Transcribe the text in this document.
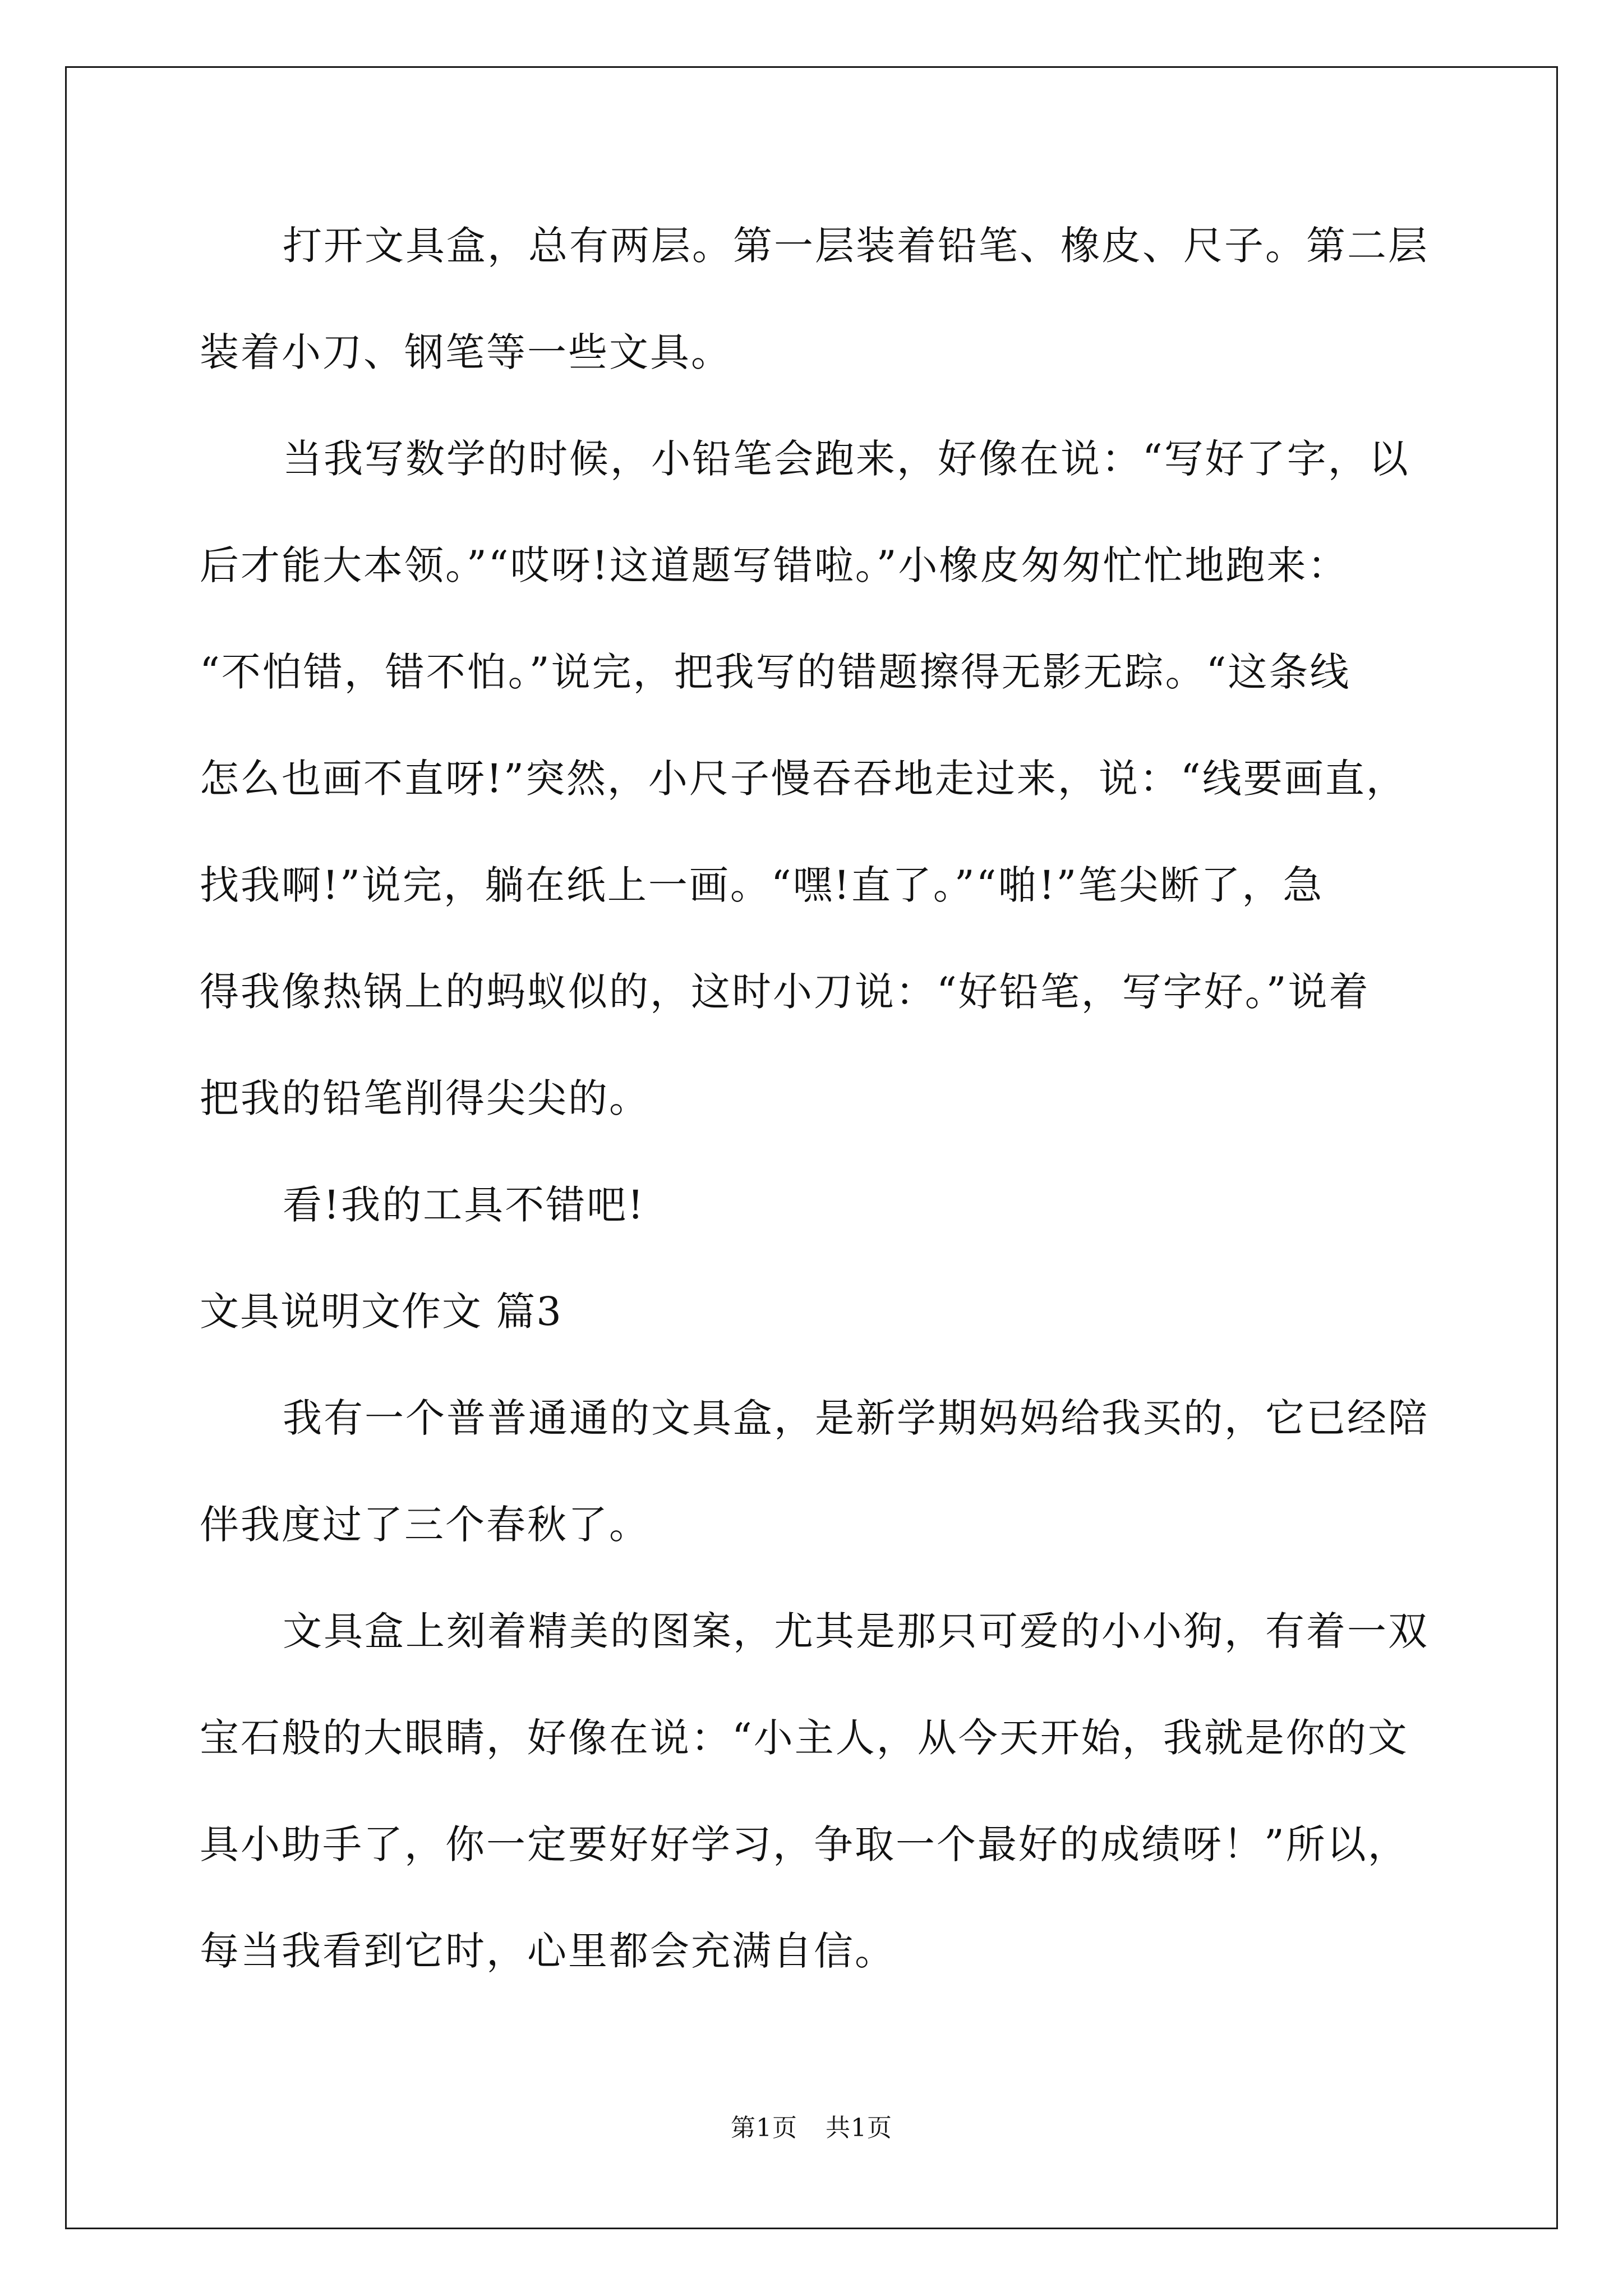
打开文具盒，总有两层。第一层装着铅笔、橡皮、尺子。第二层
装着小刀、钢笔等一些文具。
当我写数学的时候，小铅笔会跑来，好像在说：“写好了字，以
后才能大本领。”“哎呀!这道题写错啦。”小橡皮匆匆忙忙地跑来：
“不怕错，错不怕。”说完，把我写的错题擦得无影无踪。“这条线
怎么也画不直呀!”突然，小尺子慢吞吞地走过来，说：“线要画直，
找我啊!”说完，躺在纸上一画。“嘿!直了。”“啪!”笔尖断了，急
得我像热锅上的蚂蚁似的，这时小刀说：“好铅笔，写字好。”说着
把我的铅笔削得尖尖的。
看!我的工具不错吧!
文具说明文作文 篇3
我有一个普普通通的文具盒，是新学期妈妈给我买的，它已经陪
伴我度过了三个春秋了。
文具盒上刻着精美的图案，尤其是那只可爱的小小狗，有着一双
宝石般的大眼睛，好像在说：“小主人，从今天开始，我就是你的文
具小助手了，你一定要好好学习，争取一个最好的成绩呀！”所以，
每当我看到它时，心里都会充满自信。
第1页 共1页
